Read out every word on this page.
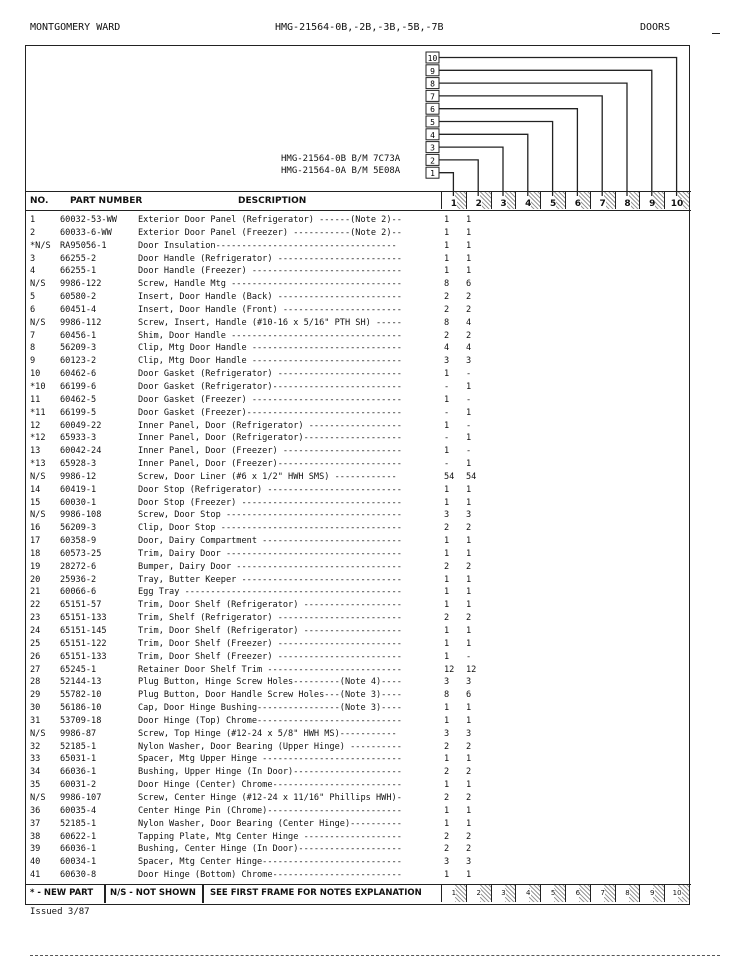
MONTGOMERY WARD	HMG-21564-0B,-2B,-3B,-5B,-7B	DOORS
10
9
8
7
6
5
4
3
2
1
HMG-21564-0B B/M 7C73A
HMG-21564-0A B/M 5E08A
NO. PART NUMBER	DESCRIPTION	1	2	3	4	5	6	7	8	9	10
1	60032-53-WW Exterior Door Panel (Refrigerator) ------(Note 2)--	1 1
2	60033-6-WW	Exterior Door Panel (Freezer) -----------(Note 2)--	1 1
*N/S RA95056-1	Door Insulation-----------------------------------	1 1
3	66255-2	Door Handle (Refrigerator) ------------------------	1 1
4	66255-1	Door Handle (Freezer) -----------------------------	1 1
N/S 9986-122	Screw, Handle Mtg ---------------------------------	8 6
5	60580-2	Insert, Door Handle (Back) ------------------------	2 2
6	60451-4	Insert, Door Handle (Front) -----------------------	2 2
N/S 9986-112	Screw, Insert, Handle (#10-16 x 5/16" PTH SH) -----	8 4
7	60456-1	Shim, Door Handle ---------------------------------	2 2
8	56209-3	Clip, Mtg Door Handle -----------------------------	4 4
9	60123-2	Clip, Mtg Door Handle -----------------------------	3 3
10 60462-6	Door Gasket (Refrigerator) ------------------------	1 -
*10 66199-6	Door Gasket (Refrigerator)-------------------------	- 1
11 60462-5	Door Gasket (Freezer) -----------------------------	1 -
*11 66199-5	Door Gasket (Freezer)------------------------------	- 1
12 60049-22	Inner Panel, Door (Refrigerator) ------------------	1 -
*12 65933-3	Inner Panel, Door (Refrigerator)-------------------	- 1
13 60042-24	Inner Panel, Door (Freezer) -----------------------	1 -
*13 65928-3	Inner Panel, Door (Freezer)------------------------	- 1
N/S 9986-12	Screw, Door Liner (#6 x 1/2" HWH SMS) ------------	54 54
14 60419-1	Door Stop (Refrigerator) --------------------------	1 1
15 60030-1	Door Stop (Freezer) -------------------------------	1 1
N/S 9986-108	Screw, Door Stop ----------------------------------	3 3
16 56209-3	Clip, Door Stop -----------------------------------	2 2
17 60358-9	Door, Dairy Compartment ---------------------------	1 1
18 60573-25	Trim, Dairy Door ----------------------------------	1 1
19 28272-6	Bumper, Dairy Door --------------------------------	2 2
20 25936-2	Tray, Butter Keeper -------------------------------	1 1
21 60066-6	Egg Tray ------------------------------------------	1 1
22 65151-57	Trim, Door Shelf (Refrigerator) -------------------	1 1
23 65151-133	Trim, Shelf (Refrigerator) ------------------------	2 2
24 65151-145	Trim, Door Shelf (Refrigerator) -------------------	1 1
25 65151-122	Trim, Door Shelf (Freezer) ------------------------	1 1
26 65151-133	Trim, Door Shelf (Freezer) ------------------------	1 -
27 65245-1	Retainer Door Shelf Trim --------------------------	12 12
28 52144-13	Plug Button, Hinge Screw Holes---------(Note 4)----	3 3
29 55782-10	Plug Button, Door Handle Screw Holes---(Note 3)----	8 6
30 56186-10	Cap, Door Hinge Bushing----------------(Note 3)----	1 1
31 53709-18	Door Hinge (Top) Chrome----------------------------	1 1
N/S 9986-87	Screw, Top Hinge (#12-24 x 5/8" HWH MS)-----------	3 3
32 52185-1	Nylon Washer, Door Bearing (Upper Hinge) ----------	2 2
33 65031-1	Spacer, Mtg Upper Hinge ---------------------------	1 1
34 66036-1	Bushing, Upper Hinge (In Door)---------------------	2 2
35 60031-2	Door Hinge (Center) Chrome-------------------------	1 1
N/S 9986-107	Screw, Center Hinge (#12-24 x 11/16" Phillips HWH)-	2 2
36 60035-4	Center Hinge Pin (Chrome)--------------------------	1 1
37 52185-1	Nylon Washer, Door Bearing (Center Hinge)----------	1 1
38 60622-1	Tapping Plate, Mtg Center Hinge -------------------	2 2
39 66036-1	Bushing, Center Hinge (In Door)--------------------	2 2
40 60034-1	Spacer, Mtg Center Hinge---------------------------	3 3
41 60630-8	Door Hinge (Bottom) Chrome-------------------------	1 1
* - NEW PART N/S - NOT SHOWN SEE FIRST FRAME FOR NOTES EXPLANATION	1	2	3	4	5	6	7	8	9	10
Issued 3/87
